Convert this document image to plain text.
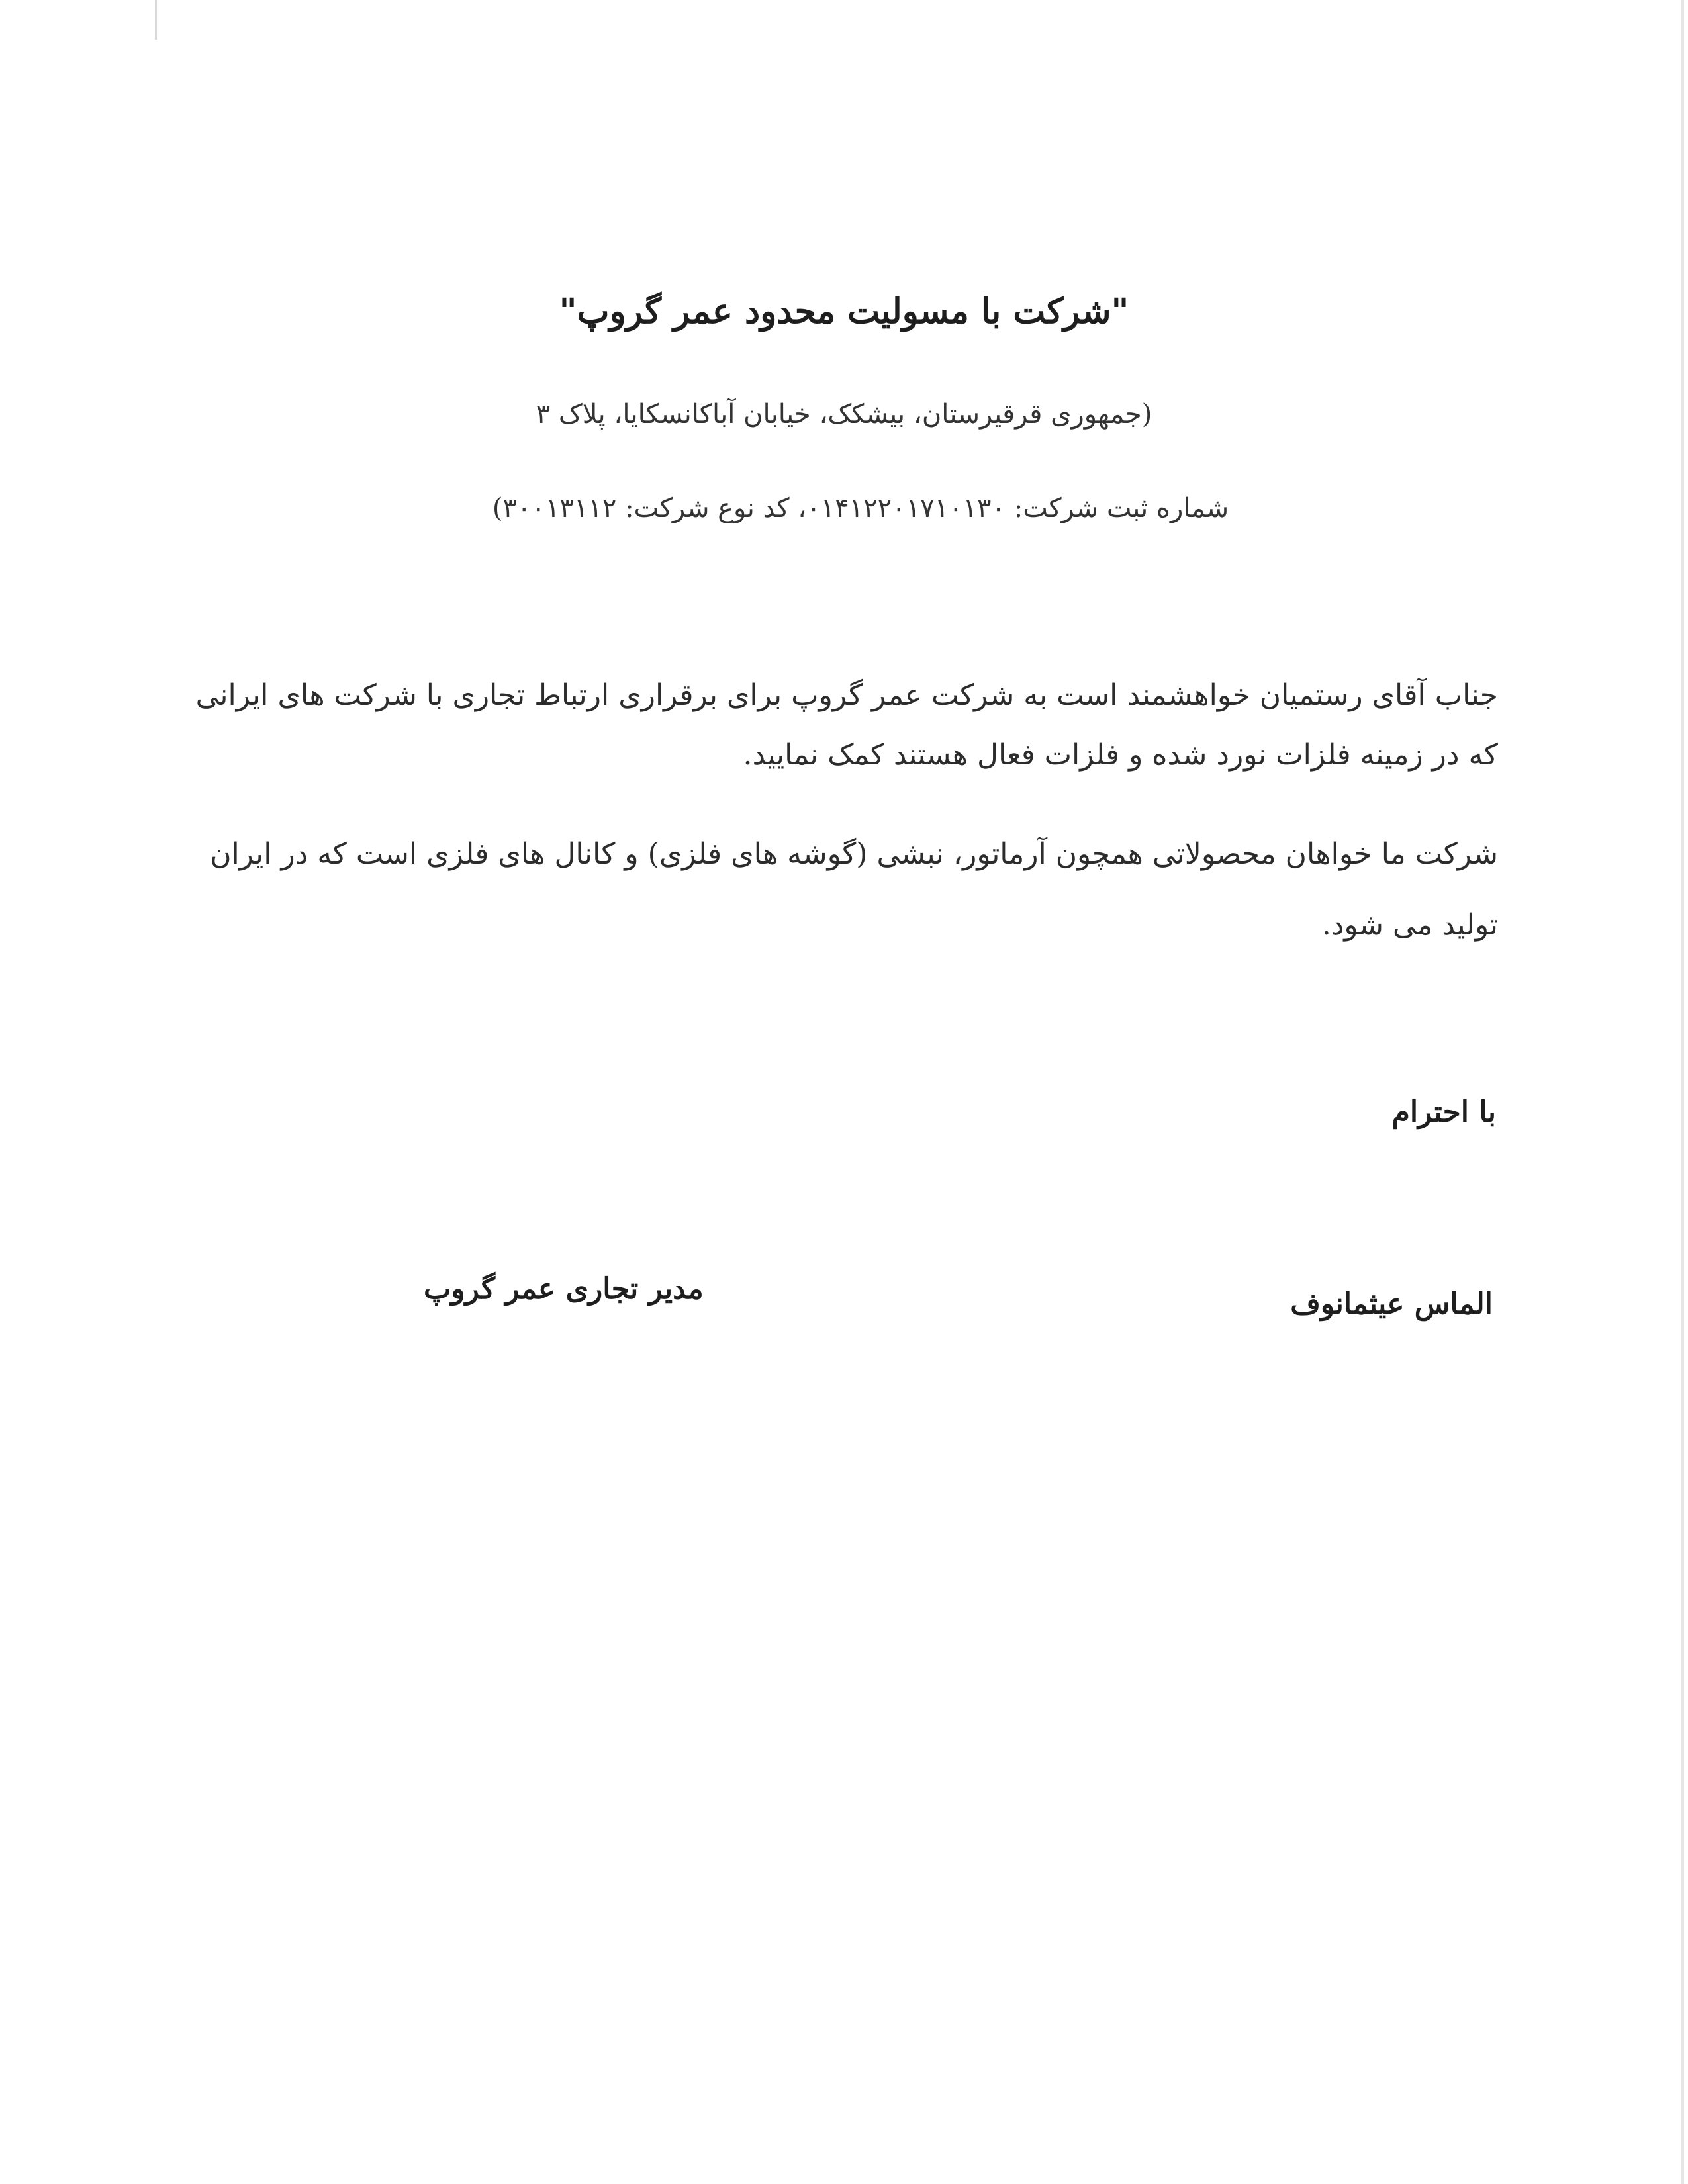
"شرکت با مسولیت محدود عمر گروپ"
(جمهوری قرقیرستان، بیشکک، خیابان آباکانسکایا، پلاک ۳
شماره ثبت شرکت: ۰۱۴۱۲۲۰۱۷۱۰۱۳۰، کد نوع شرکت: ۳۰۰۱۳۱۱۲)
جناب آقای رستمیان خواهشمند است به شرکت عمر گروپ برای برقراری ارتباط تجاری با شرکت های ایرانی
که در زمینه فلزات نورد شده و فلزات فعال هستند کمک نمایید.
شرکت ما خواهان محصولاتی همچون آرماتور، نبشی (گوشه های فلزی) و کانال های فلزی است که در ایران
تولید می شود.
با احترام
الماس عیثمانوف
مدیر تجاری عمر گروپ
